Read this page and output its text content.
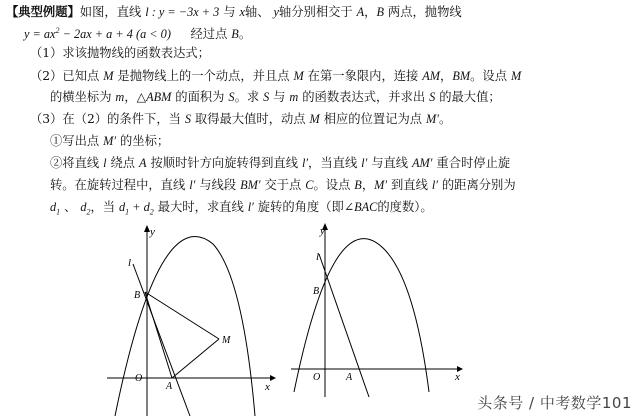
【典型例题】如图，直线 l : y = −3x + 3 与 x轴、 y轴分别相交于 A，B 两点，抛物线
$y = ax^2 - 2ax + a + 4$ (a < 0) 经过点 B。
（1）求该抛物线的函数表达式；
（2）已知点 M 是抛物线上的一个动点，并且点 M 在第一象限内，连接 AM，BM。设点 M
的横坐标为 m，△ABM 的面积为 S。求 S 与 m 的函数表达式，并求出 S 的最大值；
（3）在（2）的条件下，当 S 取得最大值时，动点 M 相应的位置记为点 M′。
①写出点 M′ 的坐标；
②将直线 l 绕点 A 按顺时针方向旋转得到直线 l′，当直线 l′ 与直线 AM′ 重合时停止旋
转。在旋转过程中，直线 l′ 与线段 BM′ 交于点 C。设点 B，M′ 到直线 l′ 的距离分别为
$d_1$ 、 $d_2$，当 $d_1 + d_2$ 最大时，求直线 l′ 旋转的角度（即∠BAC的度数）。
y
x
l
B
M
O
A
y
x
l
B
O	A
头条号 / 中考数学101
